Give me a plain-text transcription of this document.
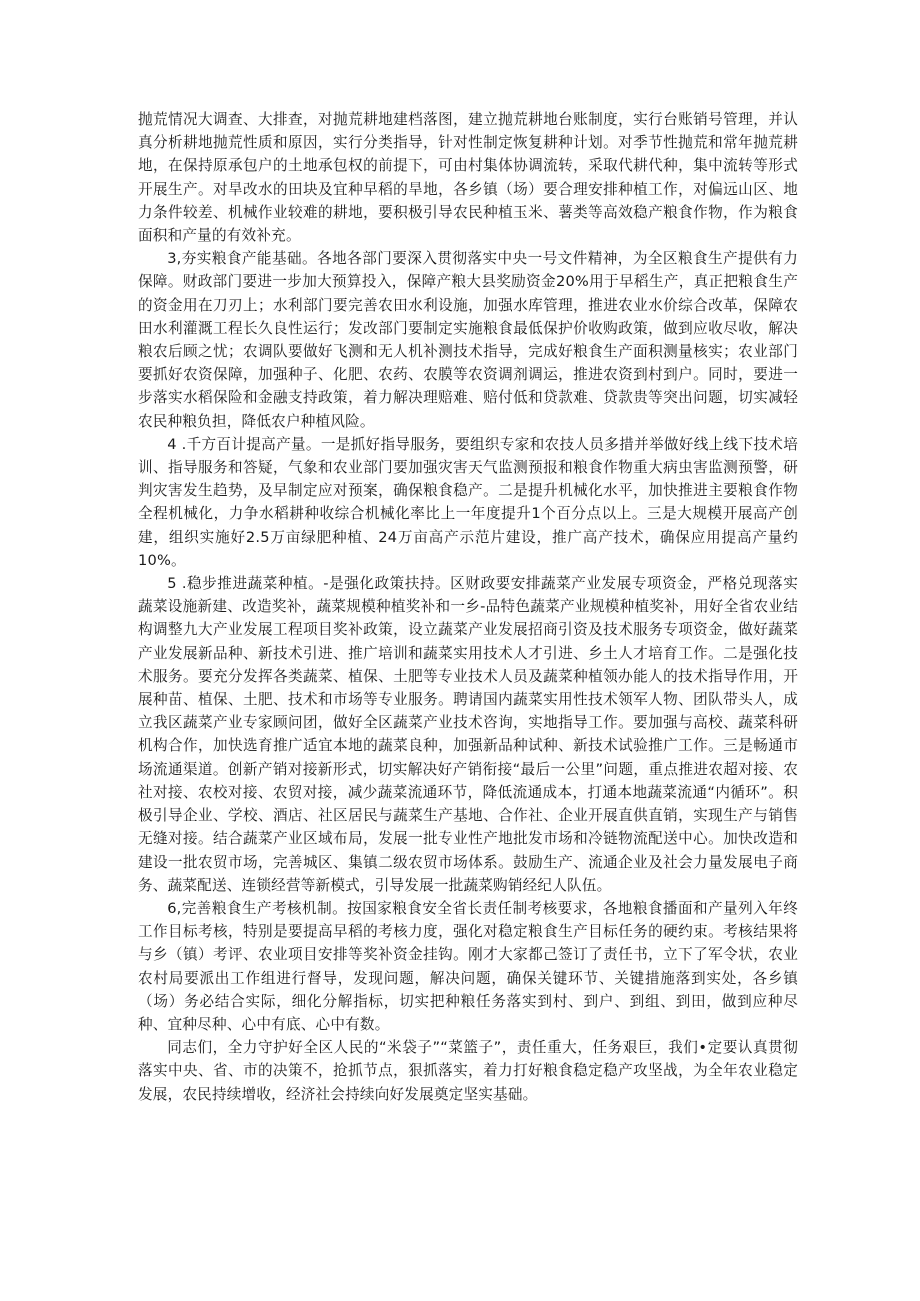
抛荒情况大调查、大排查，对抛荒耕地建档落图，建立抛荒耕地台账制度，实行台账销号管理，并认真分析耕地抛荒性质和原因，实行分类指导，针对性制定恢复耕种计划。对季节性抛荒和常年抛荒耕地，在保持原承包户的土地承包权的前提下，可由村集体协调流转，采取代耕代种，集中流转等形式开展生产。对旱改水的田块及宜种早稻的旱地，各乡镇（场）要合理安排种植工作，对偏远山区、地力条件较差、机械作业较难的耕地，要积极引导农民种植玉米、薯类等高效稳产粮食作物，作为粮食面积和产量的有效补充。

3,夯实粮食产能基础。各地各部门要深入贯彻落实中央一号文件精神，为全区粮食生产提供有力保障。财政部门要进一步加大预算投入，保障产粮大县奖励资金20%用于早稻生产，真正把粮食生产的资金用在刀刃上；水利部门要完善农田水利设施，加强水库管理，推进农业水价综合改革，保障农田水利灌溉工程长久良性运行；发改部门要制定实施粮食最低保护价收购政策，做到应收尽收，解决粮农后顾之忧；农调队要做好飞测和无人机补测技术指导，完成好粮食生产面积测量核实；农业部门要抓好农资保障，加强种子、化肥、农药、农膜等农资调剂调运，推进农资到村到户。同时，要进一步落实水稻保险和金融支持政策，着力解决理赔难、赔付低和贷款难、贷款贵等突出问题，切实减轻农民种粮负担，降低农户种植风险。

4 .千方百计提高产量。一是抓好指导服务，要组织专家和农技人员多措并举做好线上线下技术培训、指导服务和答疑，气象和农业部门要加强灾害天气监测预报和粮食作物重大病虫害监测预警，研判灾害发生趋势，及早制定应对预案，确保粮食稳产。二是提升机械化水平，加快推进主要粮食作物全程机械化，力争水稻耕种收综合机械化率比上一年度提升1个百分点以上。三是大规模开展高产创建，组织实施好2.5万亩绿肥种植、24万亩高产示范片建设，推广高产技术，确保应用提高产量约10%。

5 .稳步推进蔬菜种植。-是强化政策扶持。区财政要安排蔬菜产业发展专项资金，严格兑现落实蔬菜设施新建、改造奖补，蔬菜规模种植奖补和一乡-品特色蔬菜产业规模种植奖补，用好全省农业结构调整九大产业发展工程项目奖补政策，设立蔬菜产业发展招商引资及技术服务专项资金，做好蔬菜产业发展新品种、新技术引进、推广培训和蔬菜实用技术人才引进、乡土人才培育工作。二是强化技术服务。要充分发挥各类蔬菜、植保、土肥等专业技术人员及蔬菜种植领办能人的技术指导作用，开展种苗、植保、土肥、技术和市场等专业服务。聘请国内蔬菜实用性技术领军人物、团队带头人，成立我区蔬菜产业专家顾问团，做好全区蔬菜产业技术咨询，实地指导工作。要加强与高校、蔬菜科研机构合作，加快选育推广适宜本地的蔬菜良种，加强新品种试种、新技术试验推广工作。三是畅通市场流通渠道。创新产销对接新形式，切实解决好产销衔接“最后一公里”问题，重点推进农超对接、农社对接、农校对接、农贸对接，减少蔬菜流通环节，降低流通成本，打通本地蔬菜流通“内循环”。积极引导企业、学校、酒店、社区居民与蔬菜生产基地、合作社、企业开展直供直销，实现生产与销售无缝对接。结合蔬菜产业区域布局，发展一批专业性产地批发市场和冷链物流配送中心。加快改造和建设一批农贸市场，完善城区、集镇二级农贸市场体系。鼓励生产、流通企业及社会力量发展电子商务、蔬菜配送、连锁经营等新模式，引导发展一批蔬菜购销经纪人队伍。

6,完善粮食生产考核机制。按国家粮食安全省长责任制考核要求，各地粮食播面和产量列入年终工作目标考核，特别是要提高早稻的考核力度，强化对稳定粮食生产目标任务的硬约束。考核结果将与乡（镇）考评、农业项目安排等奖补资金挂钩。刚才大家都己签订了责任书，立下了军令状，农业农村局要派出工作组进行督导，发现问题，解决问题，确保关键环节、关键措施落到实处，各乡镇（场）务必结合实际，细化分解指标，切实把种粮任务落实到村、到户、到组、到田，做到应种尽种、宜种尽种、心中有底、心中有数。

同志们，全力守护好全区人民的“米袋子”“菜篮子”，责任重大，任务艰巨，我们•定要认真贯彻落实中央、省、市的决策不，抢抓节点，狠抓落实，着力打好粮食稳定稳产攻坚战，为全年农业稳定发展，农民持续增收，经济社会持续向好发展奠定坚实基础。
